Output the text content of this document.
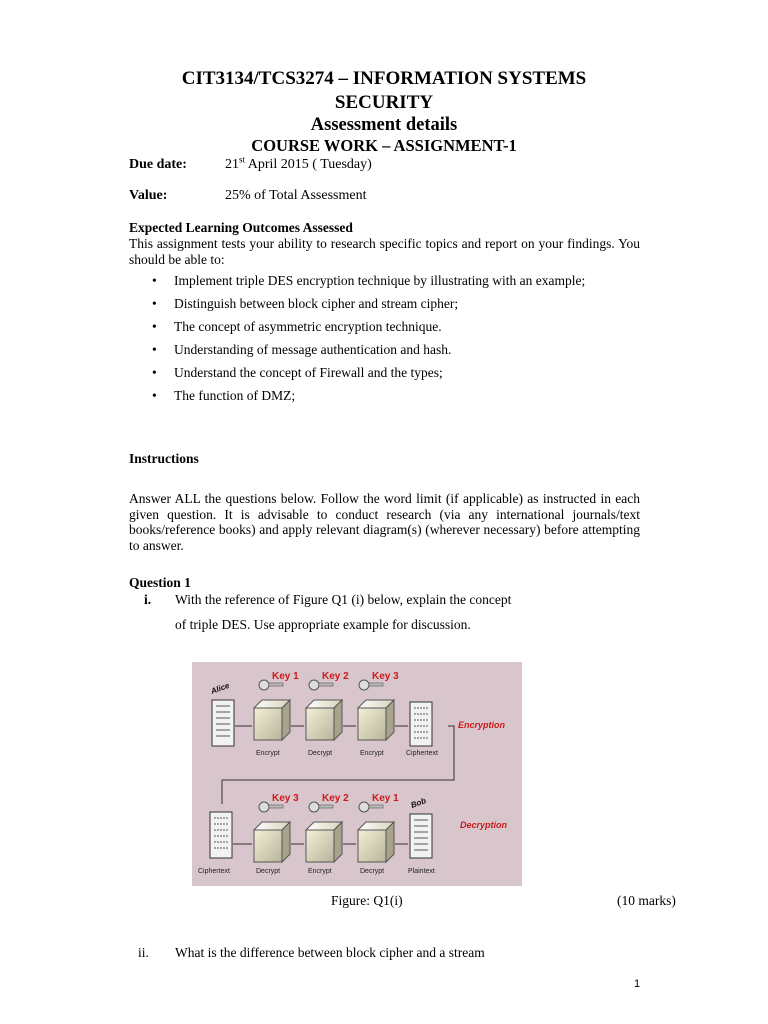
CIT3134/TCS3274 – INFORMATION SYSTEMS
SECURITY
Assessment details
COURSE WORK – ASSIGNMENT-1
Due date:	21st April 2015 ( Tuesday)
Value:	25% of Total Assessment
Expected Learning Outcomes Assessed
This assignment tests your ability to research specific topics and report on your findings. You should be able to:
• Implement triple DES encryption technique by illustrating with an example;
• Distinguish between block cipher and stream cipher;
• The concept of asymmetric encryption technique.
• Understanding of message authentication and hash.
• Understand the concept of Firewall and the types;
• The function of DMZ;
Instructions
Answer ALL the questions below. Follow the word limit (if applicable) as instructed in each given question. It is advisable to conduct research (via any international journals/text books/reference books) and apply relevant diagram(s) (wherever necessary) before attempting to answer.
Question 1
i. With the reference of Figure Q1 (i) below, explain the concept
of triple DES. Use appropriate example for discussion.
Alice
Key 1 Key 2 Key 3
Encrypt	Decrypt	Encrypt	Ciphertext
Encryption
Key 3 Key 2 Key 1 Bob
Ciphertext	Decrypt	Encrypt	Decrypt	Plaintext
Decryption
Figure: Q1(i)	(10 marks)
ii. What is the difference between block cipher and a stream
1
